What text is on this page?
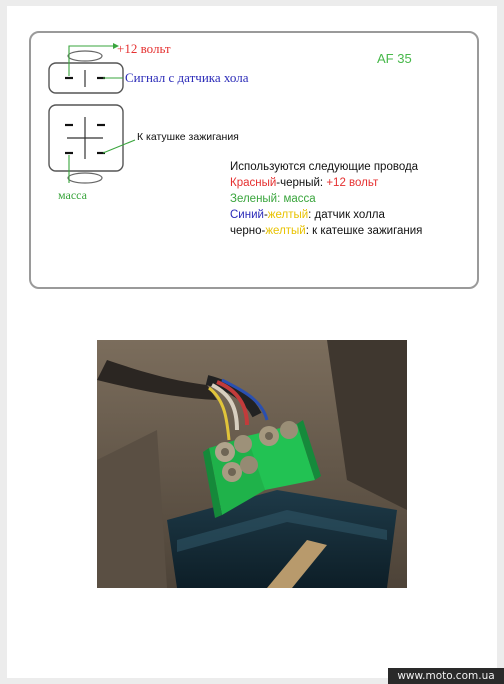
+12 вольт
Сигнал с датчика хола
К катушке зажигания
масса
AF 35
Используются следующие провода
Красный-черный: +12 вольт
Зеленый: масса
Синий-желтый: датчик холла
черно-желтый: к катешке зажигания
www.moto.com.ua
